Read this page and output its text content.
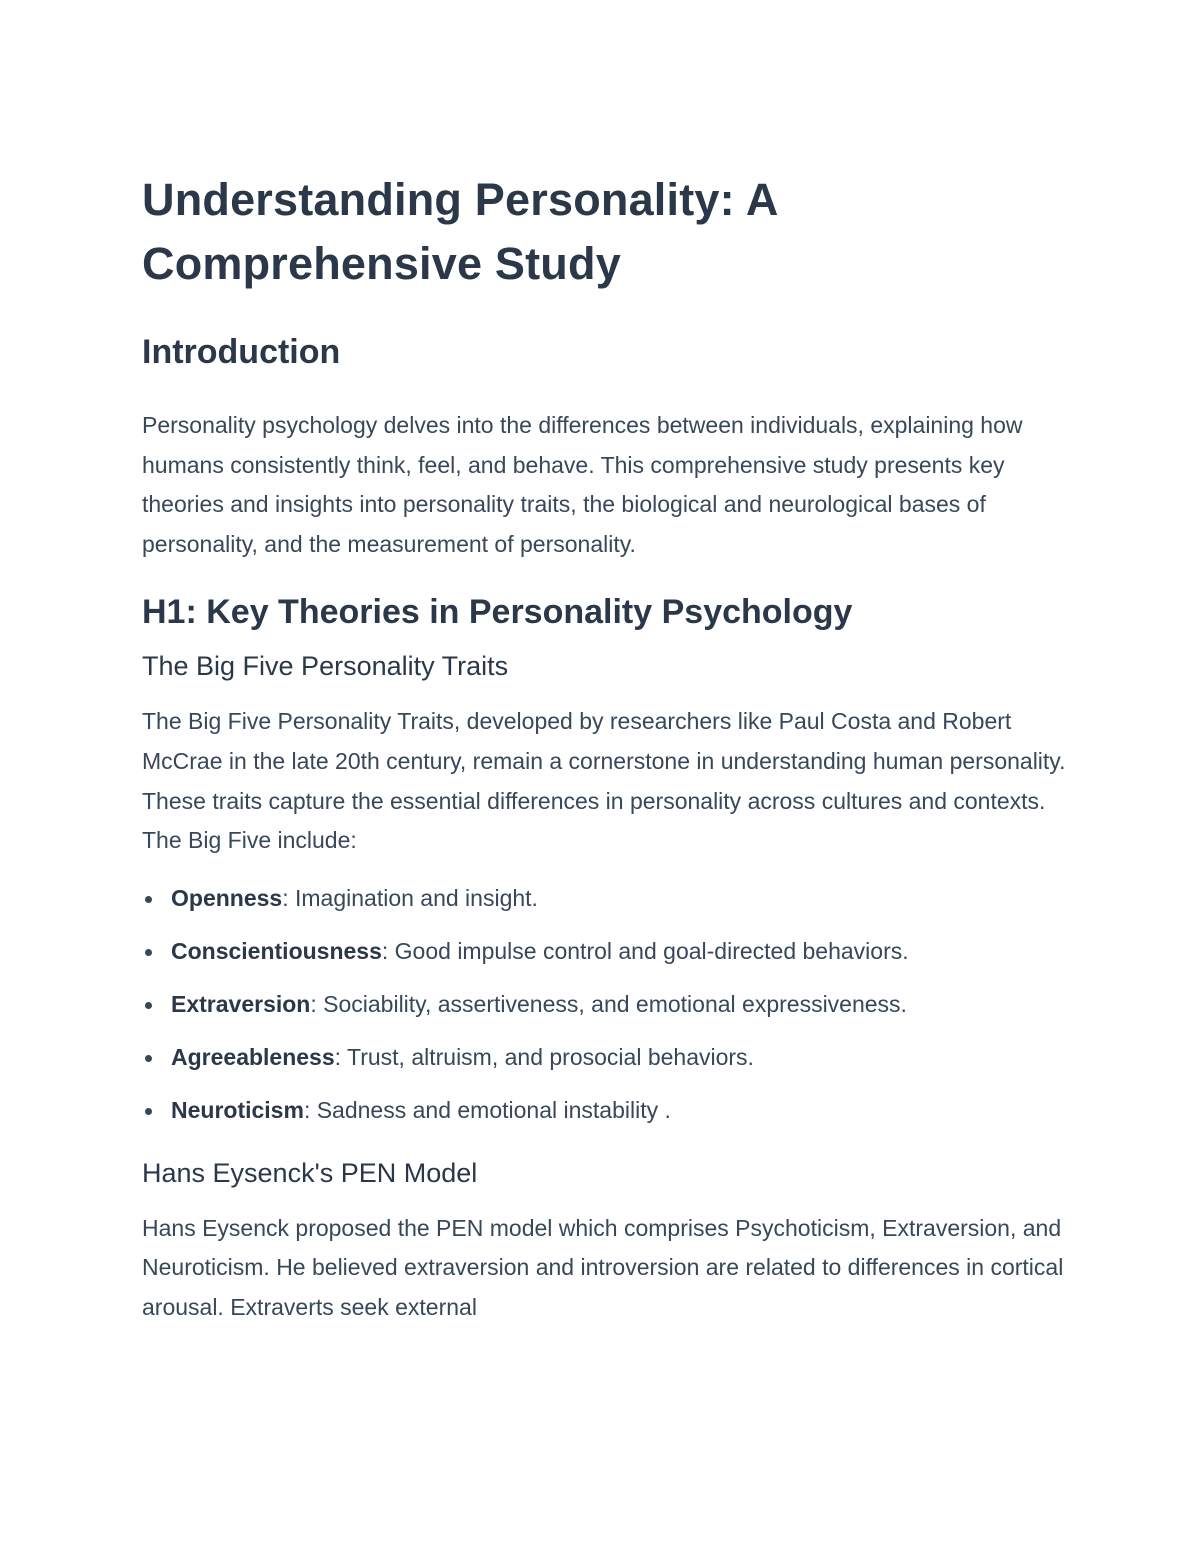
Understanding Personality: A Comprehensive Study
Introduction

Personality psychology delves into the differences between individuals, explaining how humans consistently think, feel, and behave. This comprehensive study presents key theories and insights into personality traits, the biological and neurological bases of personality, and the measurement of personality.

H1: Key Theories in Personality Psychology
The Big Five Personality Traits

The Big Five Personality Traits, developed by researchers like Paul Costa and Robert McCrae in the late 20th century, remain a cornerstone in understanding human personality. These traits capture the essential differences in personality across cultures and contexts. The Big Five include:

Openness: Imagination and insight.
Conscientiousness: Good impulse control and goal-directed behaviors.
Extraversion: Sociability, assertiveness, and emotional expressiveness.
Agreeableness: Trust, altruism, and prosocial behaviors.
Neuroticism: Sadness and emotional instability .
Hans Eysenck's PEN Model

Hans Eysenck proposed the PEN model which comprises Psychoticism, Extraversion, and Neuroticism. He believed extraversion and introversion are related to differences in cortical arousal. Extraverts seek external
